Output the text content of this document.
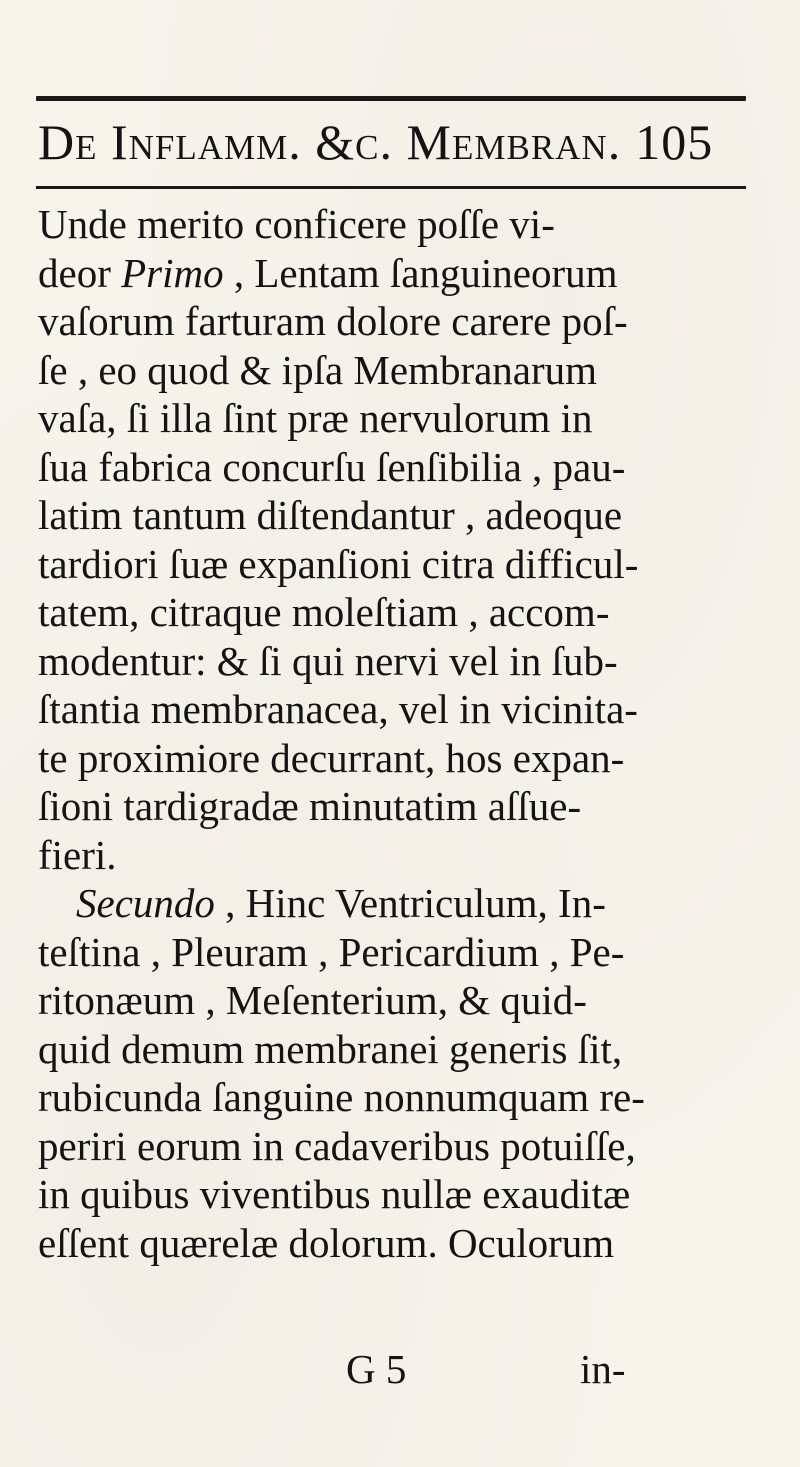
De Inflamm. &c. Membran. 105
Unde merito conficere poſſe vi-
deor Primo , Lentam ſanguineorum
vaſorum farturam dolore carere poſ-
ſe , eo quod & ipſa Membranarum
vaſa, ſi illa ſint præ nervulorum in
ſua fabrica concurſu ſenſibilia , pau-
latim tantum diſtendantur , adeoque
tardiori ſuæ expanſioni citra difficul-
tatem, citraque moleſtiam , accom-
modentur: & ſi qui nervi vel in ſub-
ſtantia membranacea, vel in vicinita-
te proximiore decurrant, hos expan-
ſioni tardigradæ minutatim aſſue-
fieri.
Secundo , Hinc Ventriculum, In-
teſtina , Pleuram , Pericardium , Pe-
ritonæum , Meſenterium, & quid-
quid demum membranei generis ſit,
rubicunda ſanguine nonnumquam re-
periri eorum in cadaveribus potuiſſe,
in quibus viventibus nullæ exauditæ
eſſent quærelæ dolorum. Oculorum
G 5	in-
